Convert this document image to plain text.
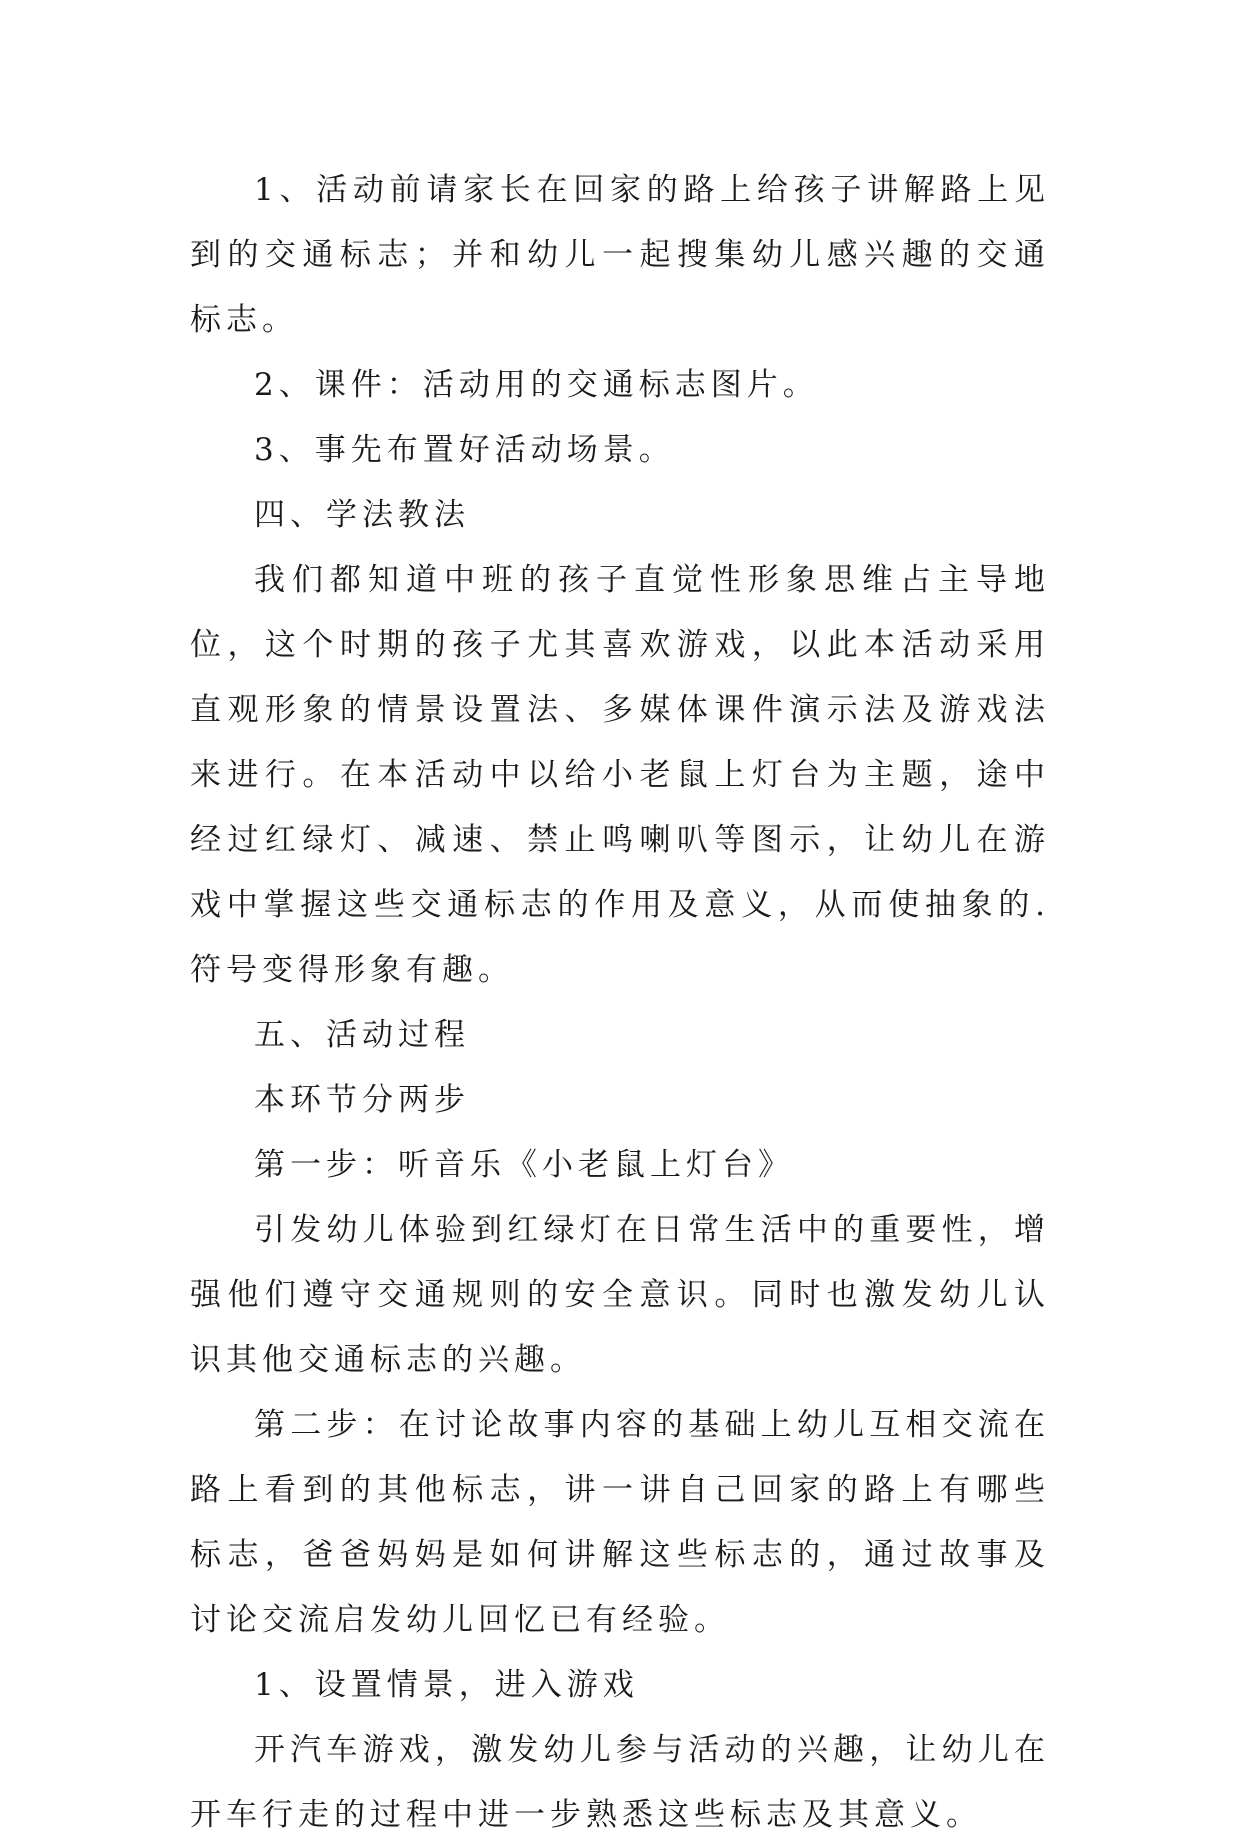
1、活动前请家长在回家的路上给孩子讲解路上见到的交通标志；并和幼儿一起搜集幼儿感兴趣的交通标志。

2、课件：活动用的交通标志图片。

3、事先布置好活动场景。

四、学法教法

我们都知道中班的孩子直觉性形象思维占主导地位，这个时期的孩子尤其喜欢游戏，以此本活动采用直观形象的情景设置法、多媒体课件演示法及游戏法来进行。在本活动中以给小老鼠上灯台为主题，途中经过红绿灯、减速、禁止鸣喇叭等图示，让幼儿在游戏中掌握这些交通标志的作用及意义，从而使抽象的.符号变得形象有趣。

五、活动过程

本环节分两步

第一步：听音乐《小老鼠上灯台》

引发幼儿体验到红绿灯在日常生活中的重要性，增强他们遵守交通规则的安全意识。同时也激发幼儿认识其他交通标志的兴趣。

第二步：在讨论故事内容的基础上幼儿互相交流在路上看到的其他标志，讲一讲自己回家的路上有哪些标志，爸爸妈妈是如何讲解这些标志的，通过故事及讨论交流启发幼儿回忆已有经验。

1、设置情景，进入游戏

开汽车游戏，激发幼儿参与活动的兴趣，让幼儿在开车行走的过程中进一步熟悉这些标志及其意义。
